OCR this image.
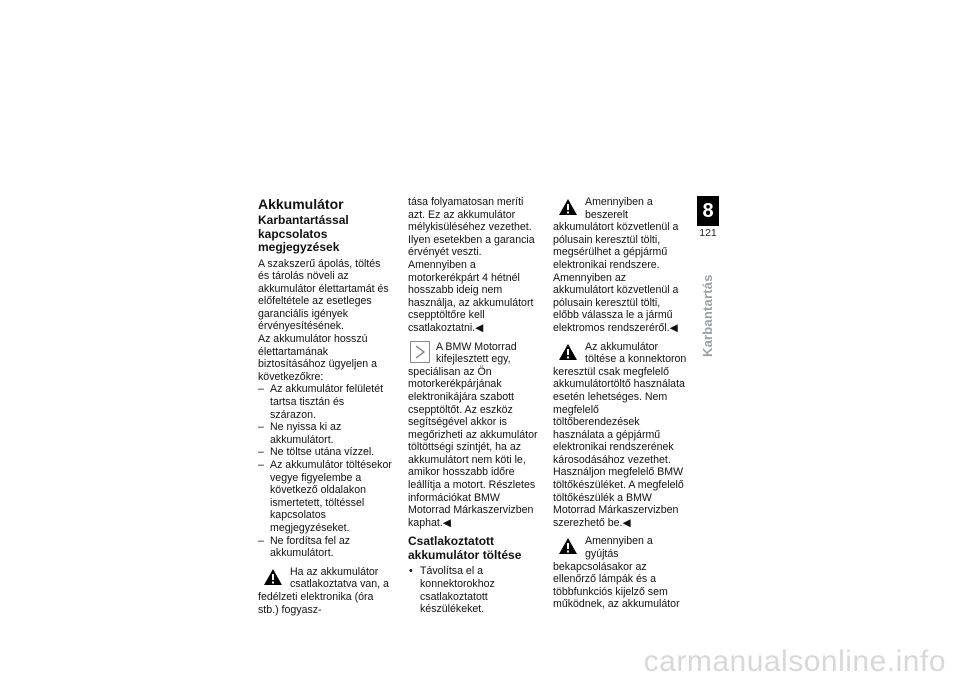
Akkumulátor
Karbantartással kapcsolatos megjegyzések

A szakszerű ápolás, töltés és tárolás növeli az akkumulátor élettartamát és előfeltétele az esetleges garanciális igények érvényesítésének.

Az akkumulátor hosszú élettartamának biztosításához ügyeljen a következőkre:

– Az akkumulátor felületét tartsa tisztán és szárazon.
– Ne nyissa ki az akkumulátort.
– Ne töltse utána vízzel.
– Az akkumulátor töltésekor vegye figyelembe a következő oldalakon ismertetett, töltéssel kapcsolatos megjegyzéseket.
– Ne fordítsa fel az akkumulátort.
Ha az akkumulátor csatlakoztatva van, a fedélzeti elektronika (óra stb.) fogyasz-

tása folyamatosan meríti azt. Ez az akkumulátor mélykisüléséhez vezethet. Ilyen esetekben a garancia érvényét veszti.

Amennyiben a motorkerékpárt 4 hétnél hosszabb ideig nem használja, az akkumulátort csepptöltőre kell csatlakoztatni.◀

A BMW Motorrad kifejlesztett egy, speciálisan az Ön motorkerékpárjának elektronikájára szabott csepptöltőt. Az eszköz segítségével akkor is megőrizheti az akkumulátor töltöttségi szintjét, ha az akkumulátort nem köti le, amikor hosszabb időre leállítja a motort. Részletes információkat BMW Motorrad Márkaszervizben kaphat.◀
Csatlakoztatott akkumulátor töltése
• Távolítsa el a konnektorokhoz csatlakoztatott készülékeket.
Amennyiben a beszerelt akkumulátort közvetlenül a pólusain keresztül tölti, megsérülhet a gépjármű elektronikai rendszere.

Amennyiben az akkumulátort közvetlenül a pólusain keresztül tölti, előbb válassza le a jármű elektromos rendszeréről.◀

Az akkumulátor töltése a konnektoron keresztül csak megfelelő akkumulátortöltő használata esetén lehetséges. Nem megfelelő töltőberendezések használata a gépjármű elektronikai rendszerének károsodásához vezethet.

Használjon megfelelő BMW töltőkészüléket. A megfelelő töltőkészülék a BMW Motorrad Márkaszervizben szerezhető be.◀

Amennyiben a gyújtás bekapcsolásakor az ellenőrző lámpák és a többfunkciós kijelző sem működnek, az akkumulátor
8
121
Karbantartás
carmanualsonline.info
